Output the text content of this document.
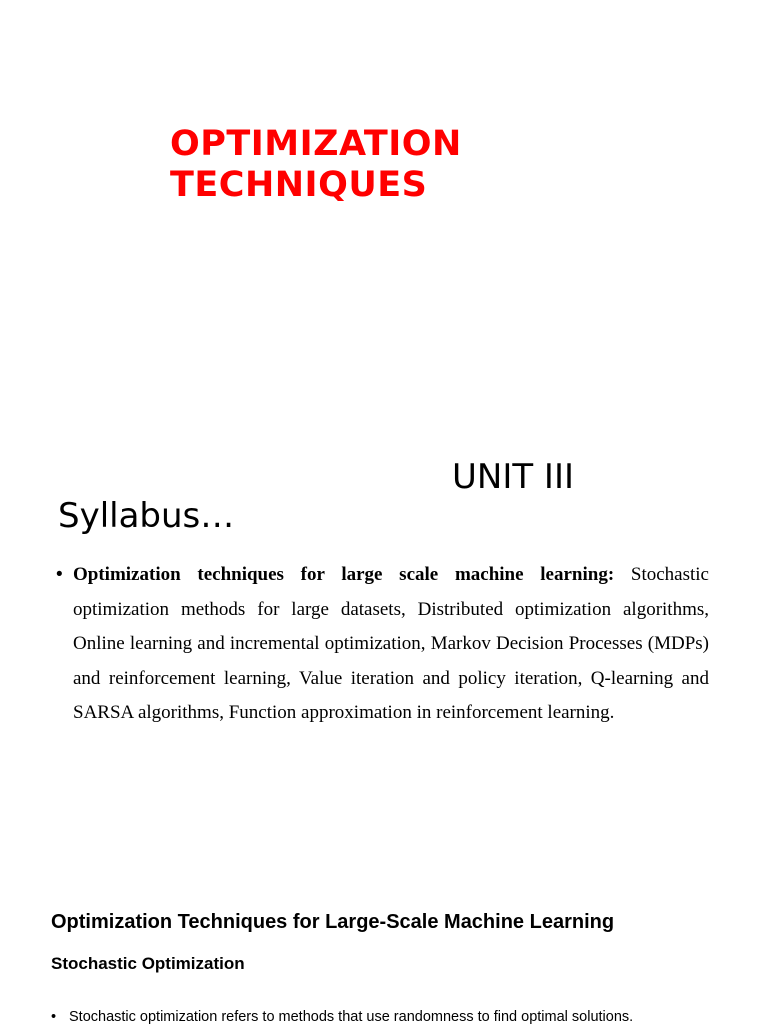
OPTIMIZATION
TECHNIQUES
UNIT III
Syllabus…
• Optimization techniques for large scale machine learning: Stochastic optimization methods for large datasets, Distributed optimization algorithms, Online learning and incremental optimization, Markov Decision Processes (MDPs) and reinforcement learning, Value iteration and policy iteration, Q-learning and SARSA algorithms, Function approximation in reinforcement learning.
Optimization Techniques for Large-Scale Machine Learning
Stochastic Optimization
• Stochastic optimization refers to methods that use randomness to find optimal solutions.
